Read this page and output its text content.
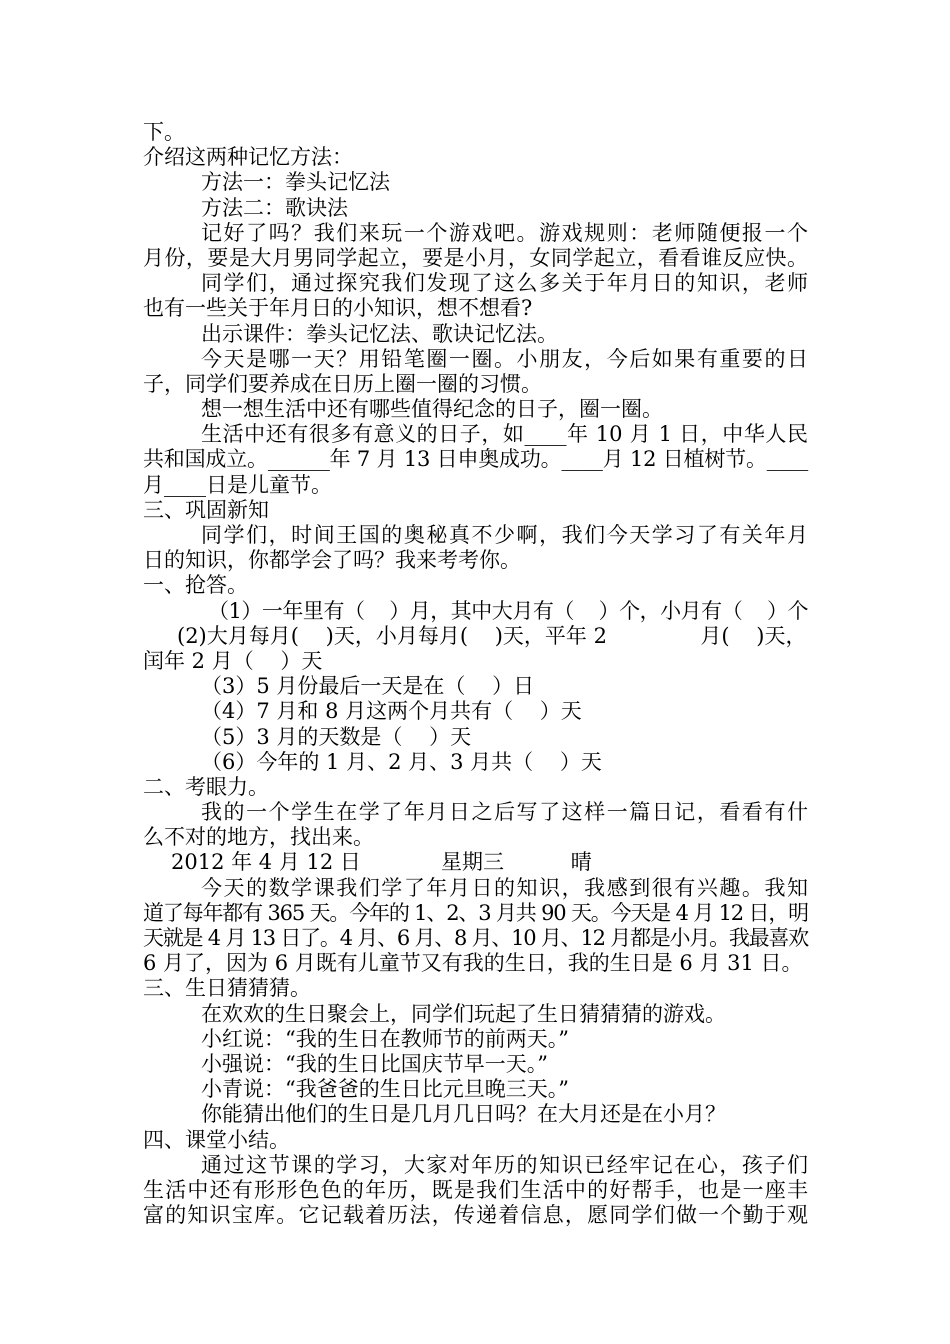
下。
介绍这两种记忆方法：
方法一：拳头记忆法
方法二：歌诀法
记好了吗？我们来玩一个游戏吧。游戏规则：老师随便报一个
月份，要是大月男同学起立，要是小月，女同学起立，看看谁反应快。
同学们，通过探究我们发现了这么多关于年月日的知识，老师
也有一些关于年月日的小知识，想不想看?
出示课件：拳头记忆法、歌诀记忆法。
今天是哪一天？用铅笔圈一圈。小朋友，今后如果有重要的日
子，同学们要养成在日历上圈一圈的习惯。
想一想生活中还有哪些值得纪念的日子，圈一圈。
生活中还有很多有意义的日子，如____年 10 月 1 日，中华人民
共和国成立。______年 7 月 13 日申奥成功。____月 12 日植树节。____
月____日是儿童节。
三、巩固新知
同学们，时间王国的奥秘真不少啊，我们今天学习了有关年月
日的知识，你都学会了吗？我来考考你。
一、抢答。
（1）一年里有（    ）月，其中大月有（    ）个，小月有（    ）个
(2)大月每月(    )天，小月每月(    )天，平年 2              月(    )天，
闰年 2 月（    ）天
（3）5 月份最后一天是在（    ）日
（4）7 月和 8 月这两个月共有（    ）天
（5）3 月的天数是（    ）天
（6）今年的 1 月、2 月、3 月共（    ）天
二、考眼力。
我的一个学生在学了年月日之后写了这样一篇日记，看看有什
么不对的地方，找出来。
2012 年 4 月 12 日            星期三          晴
今天的数学课我们学了年月日的知识，我感到很有兴趣。我知
道了每年都有 365 天。今年的 1、2、3 月共 90 天。今天是 4 月 12 日，明
天就是 4 月 13 日了。4 月、6 月、8 月、10 月、12 月都是小月。我最喜欢
6 月了，因为 6 月既有儿童节又有我的生日，我的生日是 6 月 31 日。
三、生日猜猜猜。
在欢欢的生日聚会上，同学们玩起了生日猜猜猜的游戏。
小红说：“我的生日在教师节的前两天。”
小强说：“我的生日比国庆节早一天。”
小青说：“我爸爸的生日比元旦晚三天。”
你能猜出他们的生日是几月几日吗？在大月还是在小月？
四、课堂小结。
通过这节课的学习，大家对年历的知识已经牢记在心，孩子们
生活中还有形形色色的年历，既是我们生活中的好帮手，也是一座丰
富的知识宝库。它记载着历法，传递着信息，愿同学们做一个勤于观
